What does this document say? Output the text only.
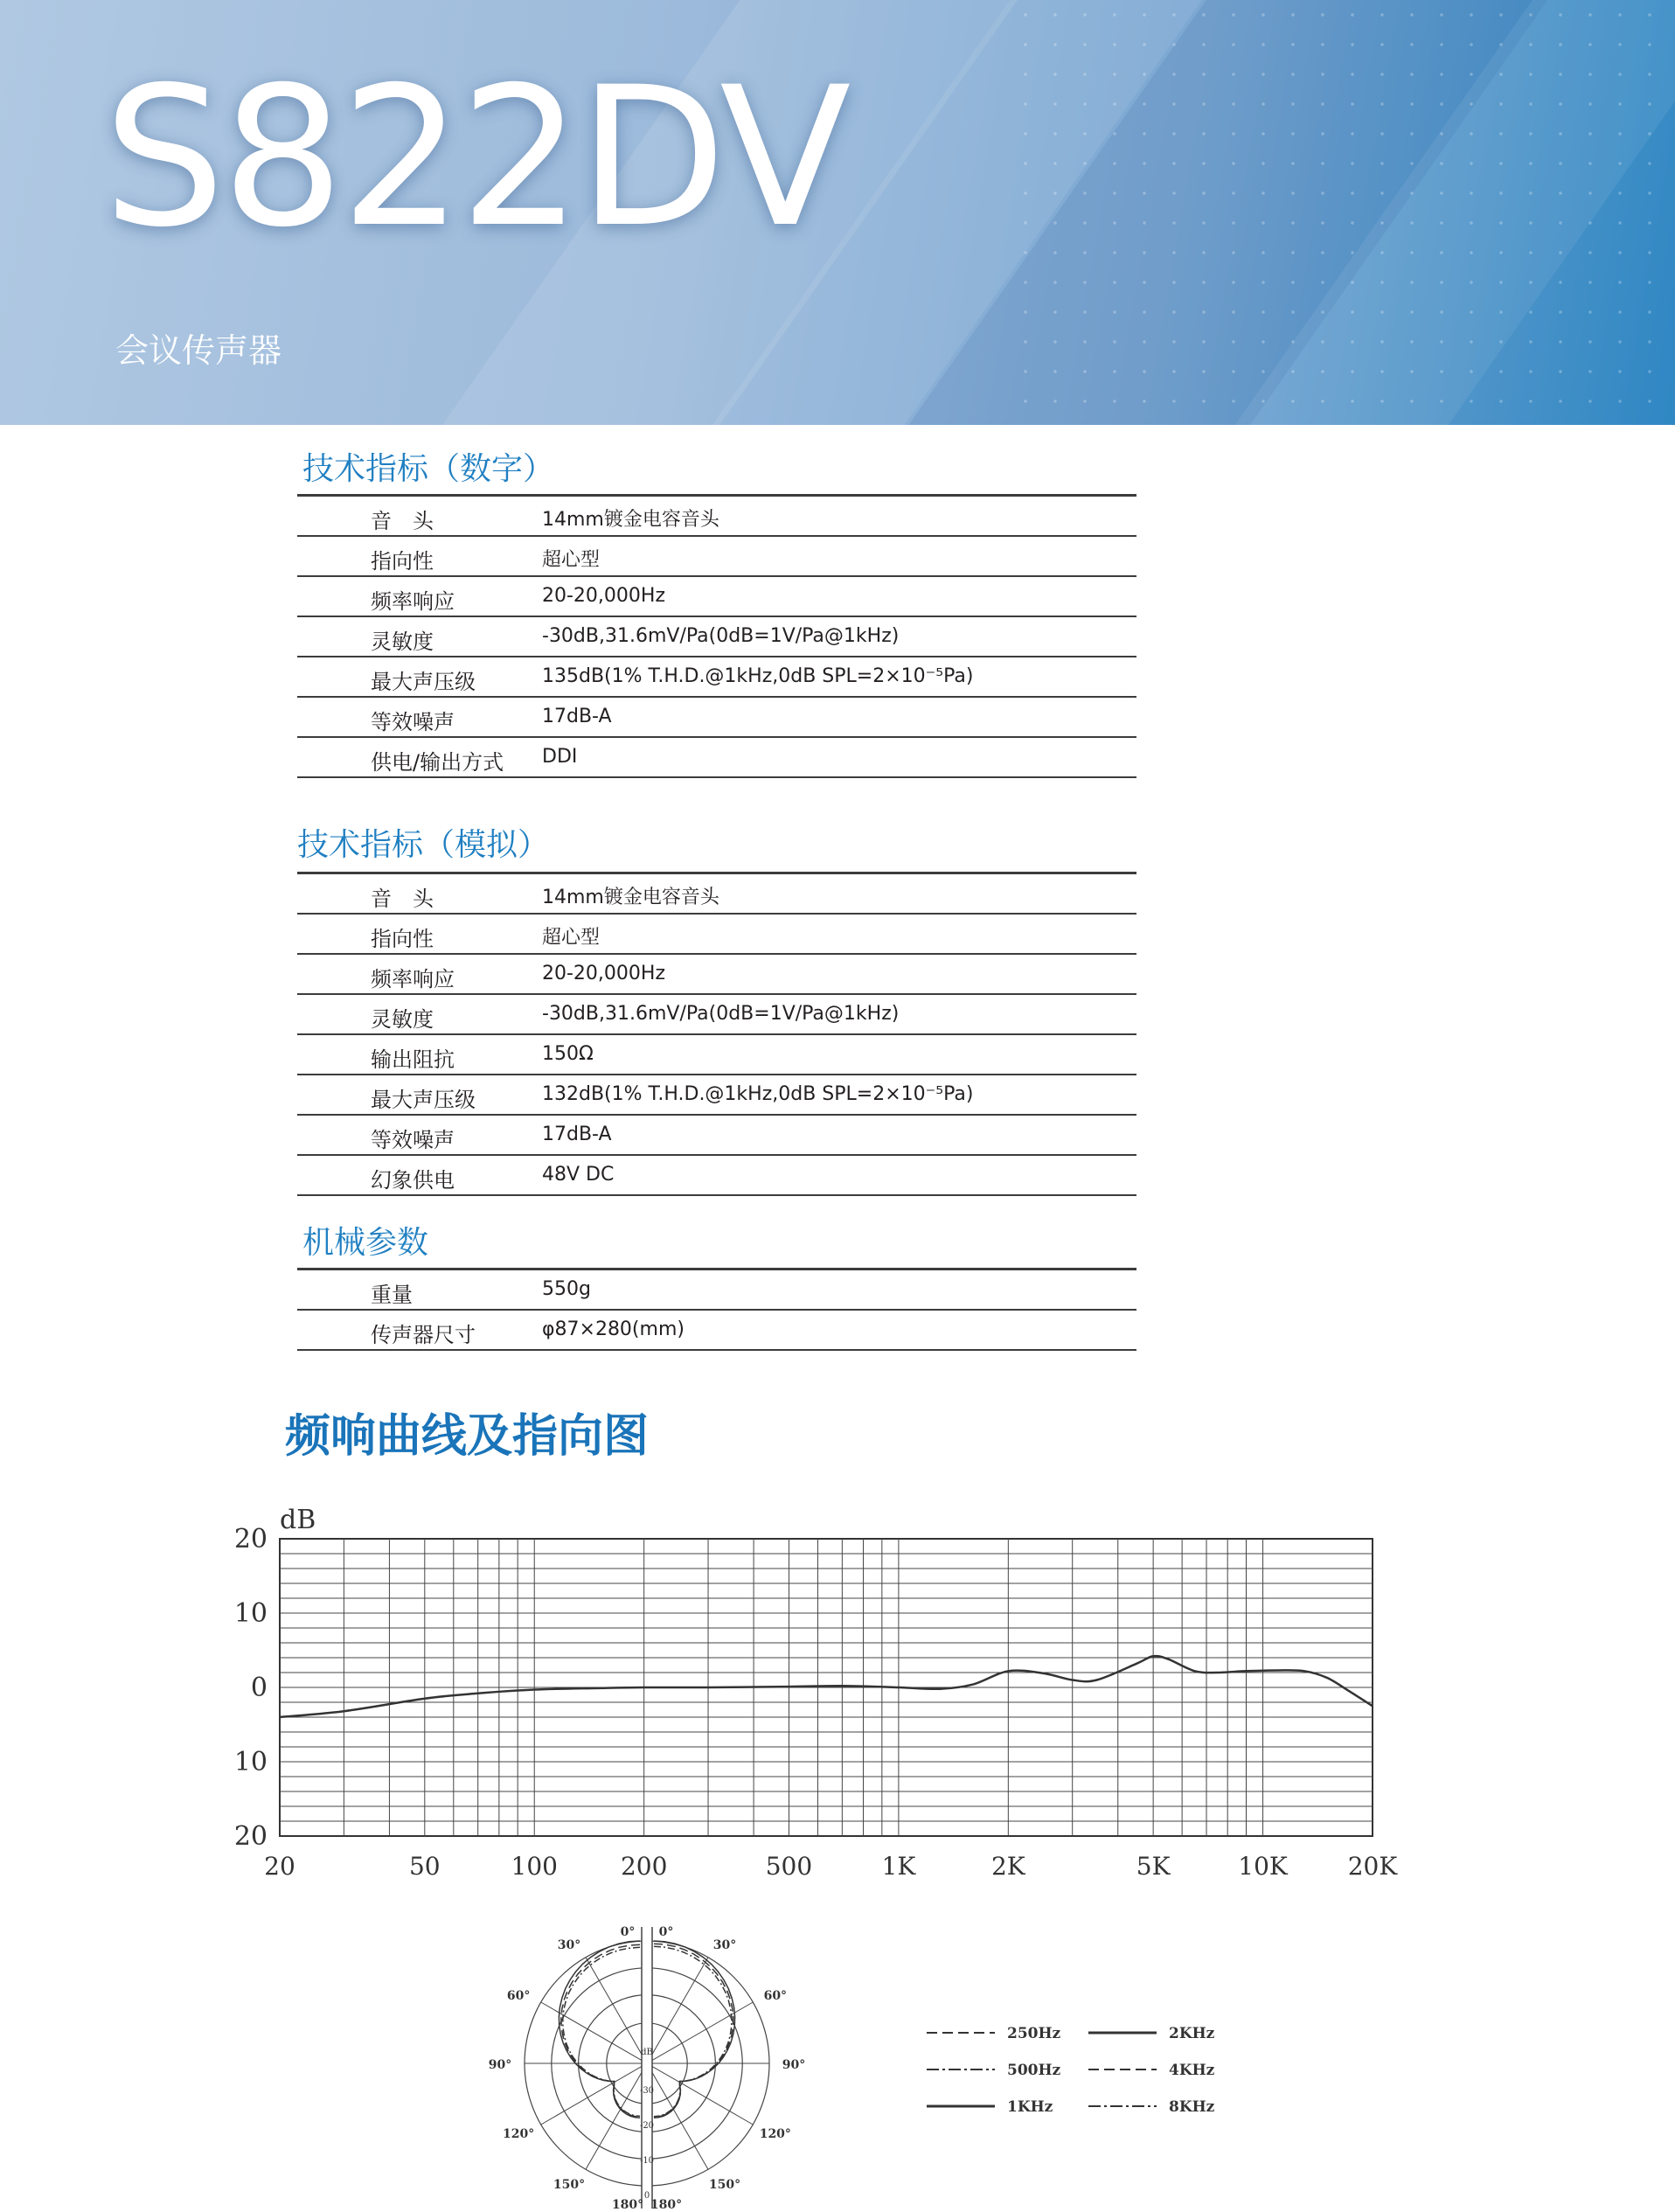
S822DV
会议传声器
技术指标（数字）
音　头	14mm镀金电容音头
指向性	超心型
频率响应	20-20,000Hz
灵敏度	-30dB,31.6mV/Pa(0dB=1V/Pa@1kHz)
最大声压级	135dB(1% T.H.D.@1kHz,0dB SPL=2×10⁻⁵Pa)
等效噪声	17dB-A
供电/输出方式 DDI
技术指标（模拟）
音　头	14mm镀金电容音头
指向性	超心型
频率响应	20-20,000Hz
灵敏度	-30dB,31.6mV/Pa(0dB=1V/Pa@1kHz)
输出阻抗	150Ω
最大声压级	132dB(1% T.H.D.@1kHz,0dB SPL=2×10⁻⁵Pa)
等效噪声	17dB-A
幻象供电	48V DC
机械参数
重量	550g
传声器尺寸	φ87×280(mm)
频响曲线及指向图
dB
20
10
0
10
20
20	50	100	200	500	1K	2K	5K	10K 20K
0° 0°
30°	30°
60°	60°
90°	90°
120°	120°
150°	150°
180° 180°
dB
-30
-20
-10
0
250Hz
500Hz
1KHz
2KHz
4KHz
8KHz
